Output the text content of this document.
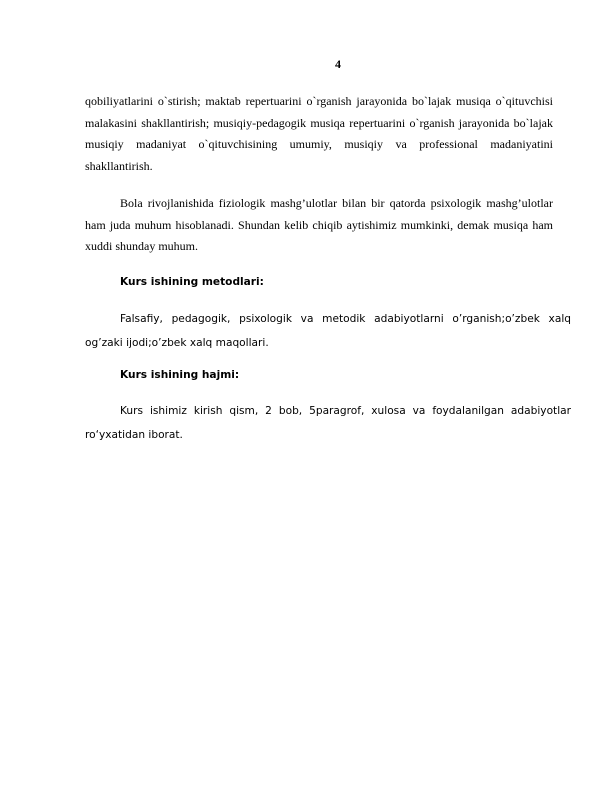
4

qobiliyatlarini o`stirish; maktab repertuarini o`rganish jarayonida bo`lajak musiqa o`qituvchisi malakasini shakllantirish; musiqiy-pedagogik musiqa repertuarini o`rganish jarayonida bo`lajak musiqiy madaniyat o`qituvchisining umumiy, musiqiy va professional madaniyatini shakllantirish.

Bola rivojlanishida fiziologik mashg’ulotlar bilan bir qatorda psixologik mashg’ulotlar ham juda muhum hisoblanadi. Shundan kelib chiqib aytishimiz mumkinki, demak musiqa ham xuddi shunday muhum.

Kurs ishining metodlari:

Falsafiy, pedagogik, psixologik va metodik adabiyotlarni o’rganish;o’zbek xalq og’zaki ijodi;o’zbek xalq maqollari.

Kurs ishining hajmi:

Kurs ishimiz kirish qism, 2 bob, 5paragrof, xulosa va foydalanilgan adabiyotlar ro‘yxatidan iborat.
